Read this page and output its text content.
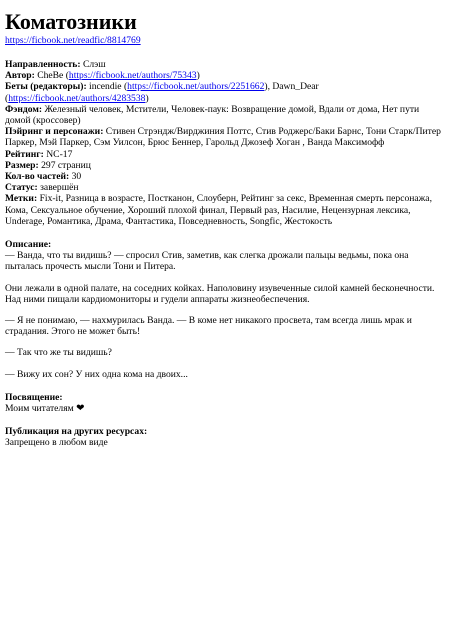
Коматозники
https://ficbook.net/readfic/8814769

Направленность: Слэш

Автор: CheBe (https://ficbook.net/authors/75343)

Беты (редакторы): incendie (https://ficbook.net/authors/2251662), Dawn_Dear (https://ficbook.net/authors/4283538)

Фэндом: Железный человек, Мстители, Человек-паук: Возвращение домой, Вдали от дома, Нет пути домой (кроссовер)

Пэйринг и персонажи: Стивен Стрэндж/Вирджиния Поттс, Стив Роджерс/Баки Барнс, Тони Старк/Питер Паркер, Мэй Паркер, Сэм Уилсон, Брюс Беннер, Гарольд Джозеф Хоган , Ванда Максимофф

Рейтинг: NC-17

Размер: 297 страниц

Кол-во частей: 30

Статус: завершён

Метки: Fix-it, Разница в возрасте, Постканон, Слоуберн, Рейтинг за секс, Временная смерть персонажа, Кома, Сексуальное обучение, Хороший плохой финал, Первый раз, Насилие, Нецензурная лексика, Underage, Романтика, Драма, Фантастика, Повседневность, Songfic, Жестокость

Описание:

— Ванда, что ты видишь? — спросил Стив, заметив, как слегка дрожали пальцы ведьмы, пока она пыталась прочесть мысли Тони и Питера.

Они лежали в одной палате, на соседних койках. Наполовину изувеченные силой камней бесконечности. Над ними пищали кардиомониторы и гудели аппараты жизнеобеспечения.

— Я не понимаю, — нахмурилась Ванда. — В коме нет никакого просвета, там всегда лишь мрак и страдания. Этого не может быть!

— Так что же ты видишь?

— Вижу их сон? У них одна кома на двоих...

Посвящение:

Моим читателям ❤

Публикация на других ресурсах:

Запрещено в любом виде
